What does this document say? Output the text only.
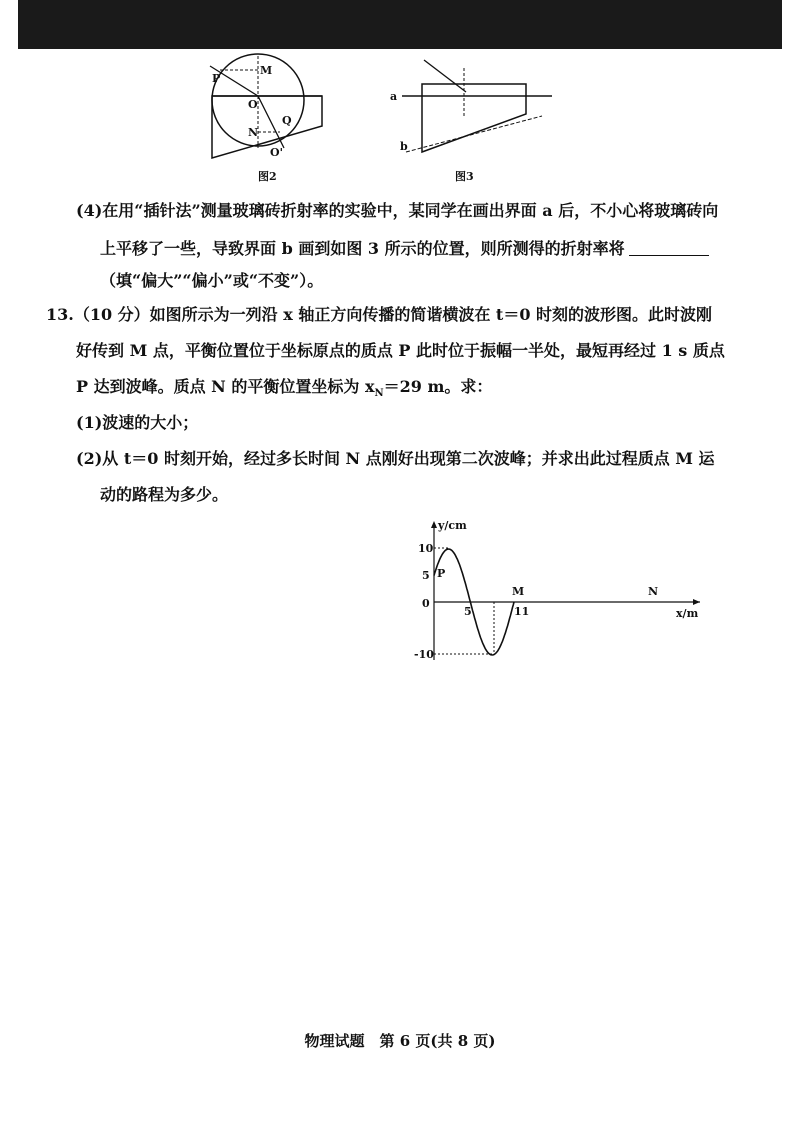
P
M
O
N
Q
O'
图2
a
b
图3
(4)在用“插针法”测量玻璃砖折射率的实验中，某同学在画出界面 a 后，不小心将玻璃砖向
上平移了一些，导致界面 b 画到如图 3 所示的位置，则所测得的折射率将
（填“偏大”“偏小”或“不变”）。
13.（10 分）如图所示为一列沿 x 轴正方向传播的简谐横波在 t＝0 时刻的波形图。此时波刚
好传到 M 点，平衡位置位于坐标原点的质点 P 此时位于振幅一半处，最短再经过 1 s 质点
P 达到波峰。质点 N 的平衡位置坐标为 $x_N=29$ m。求：
(1)波速的大小；
(2)从 t＝0 时刻开始，经过多长时间 N 点刚好出现第二次波峰；并求出此过程质点 M 运
动的路程为多少。
y/cm
x/m
0
10
5
-10
5	11
P
M	N
物理试题　第 6 页(共 8 页)
